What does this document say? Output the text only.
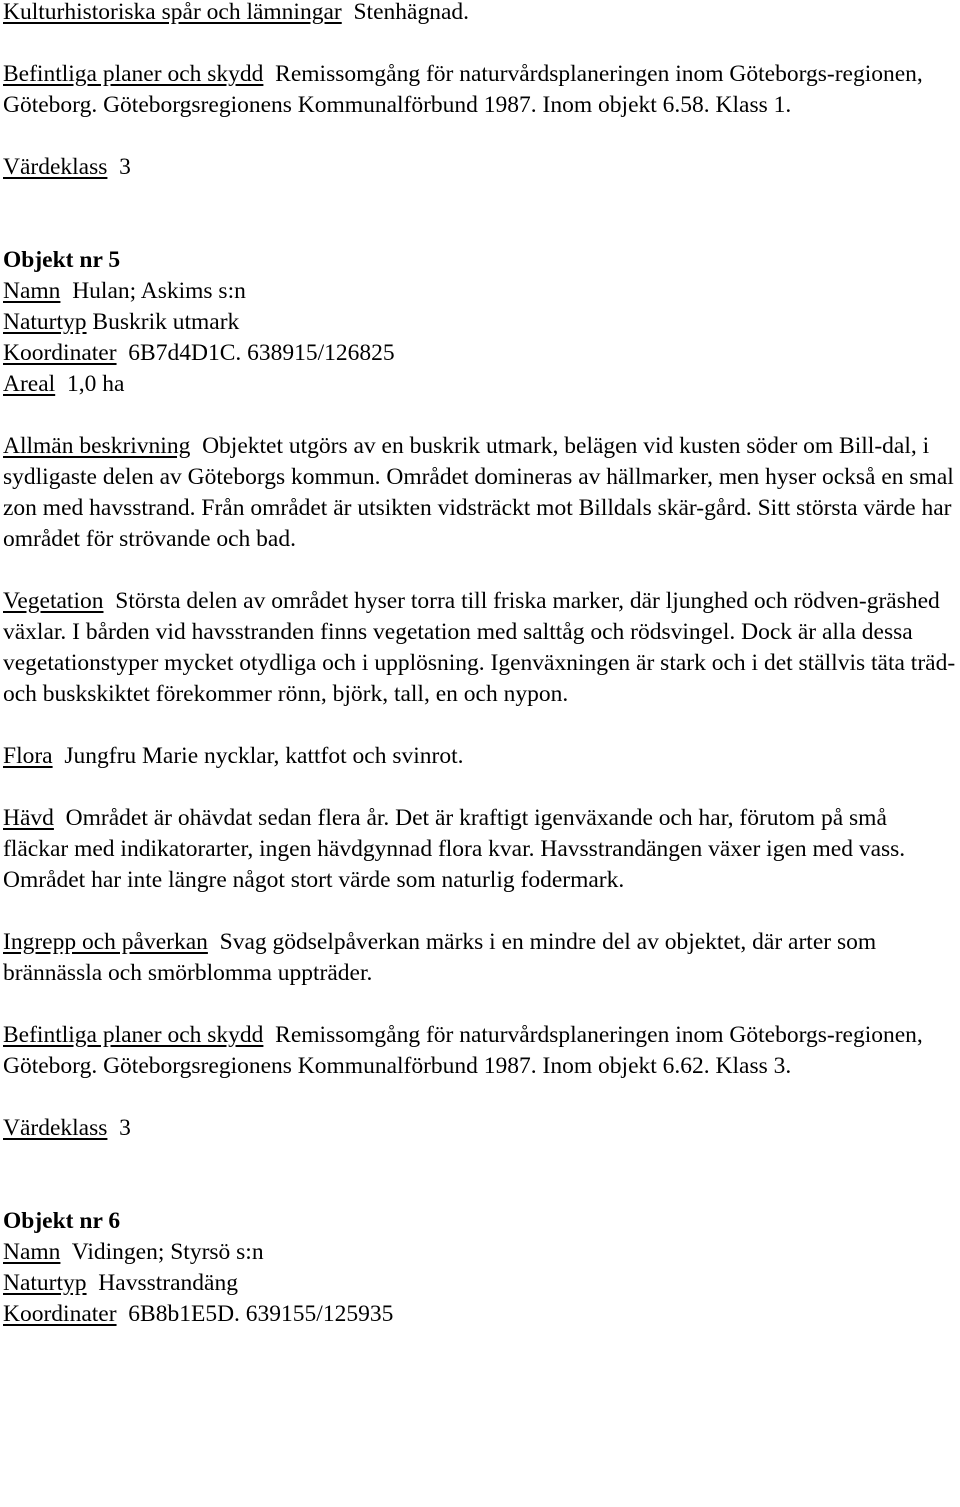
Kulturhistoriska spår och lämningar Stenhägnad.

Befintliga planer och skydd Remissomgång för naturvårdsplaneringen inom Göteborgs-regionen, Göteborg. Göteborgsregionens Kommunalförbund 1987. Inom objekt 6.58. Klass 1.

Värdeklass 3

Objekt nr 5

Namn Hulan; Askims s:n

Naturtyp Buskrik utmark

Koordinater 6B7d4D1C. 638915/126825

Areal 1,0 ha

Allmän beskrivning Objektet utgörs av en buskrik utmark, belägen vid kusten söder om Bill-dal, i sydligaste delen av Göteborgs kommun. Området domineras av hällmarker, men hyser också en smal zon med havsstrand. Från området är utsikten vidsträckt mot Billdals skär-gård. Sitt största värde har området för strövande och bad.

Vegetation Största delen av området hyser torra till friska marker, där ljunghed och rödven-gräshed växlar. I bården vid havsstranden finns vegetation med salttåg och rödsvingel. Dock är alla dessa vegetationstyper mycket otydliga och i upplösning. Igenväxningen är stark och i det ställvis täta träd- och buskskiktet förekommer rönn, björk, tall, en och nypon.

Flora Jungfru Marie nycklar, kattfot och svinrot.

Hävd Området är ohävdat sedan flera år. Det är kraftigt igenväxande och har, förutom på små fläckar med indikatorarter, ingen hävdgynnad flora kvar. Havsstrandängen växer igen med vass. Området har inte längre något stort värde som naturlig fodermark.

Ingrepp och påverkan Svag gödselpåverkan märks i en mindre del av objektet, där arter som brännässla och smörblomma uppträder.

Befintliga planer och skydd Remissomgång för naturvårdsplaneringen inom Göteborgs-regionen, Göteborg. Göteborgsregionens Kommunalförbund 1987. Inom objekt 6.62. Klass 3.

Värdeklass 3

Objekt nr 6

Namn Vidingen; Styrsö s:n

Naturtyp Havsstrandäng

Koordinater 6B8b1E5D. 639155/125935
